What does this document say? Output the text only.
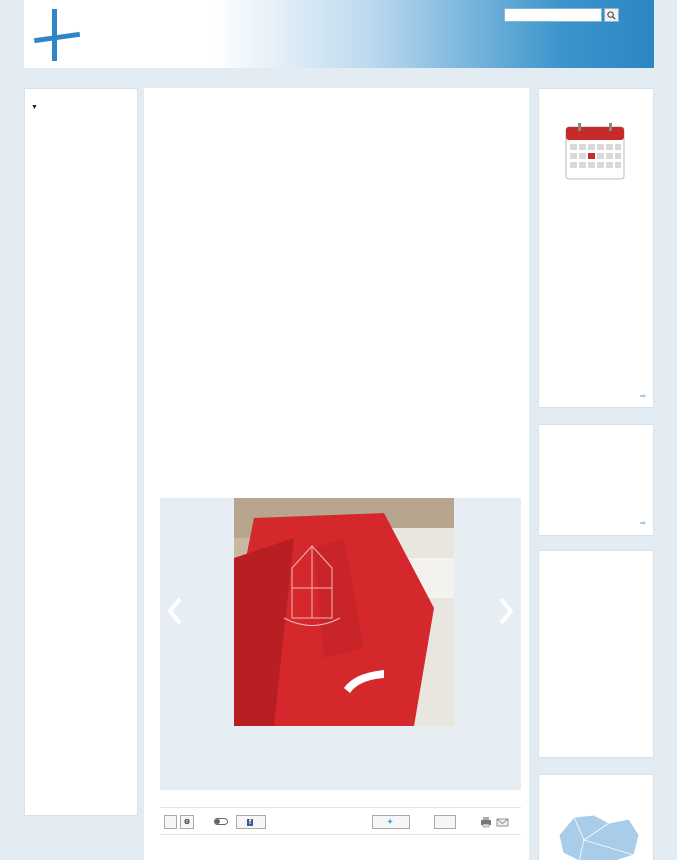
▼
⚙	f	✦
⇨
⇨
